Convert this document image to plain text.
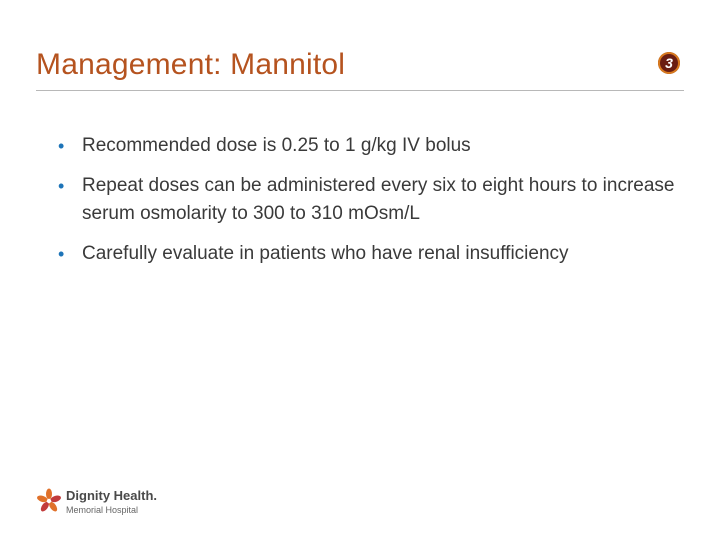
Management: Mannitol	3
• Recommended dose is 0.25 to 1 g/kg IV bolus
• Repeat doses can be administered every six to eight hours to increase serum osmolarity to 300 to 310 mOsm/L
• Carefully evaluate in patients who have renal insufficiency
Dignity Health.
Memorial Hospital
